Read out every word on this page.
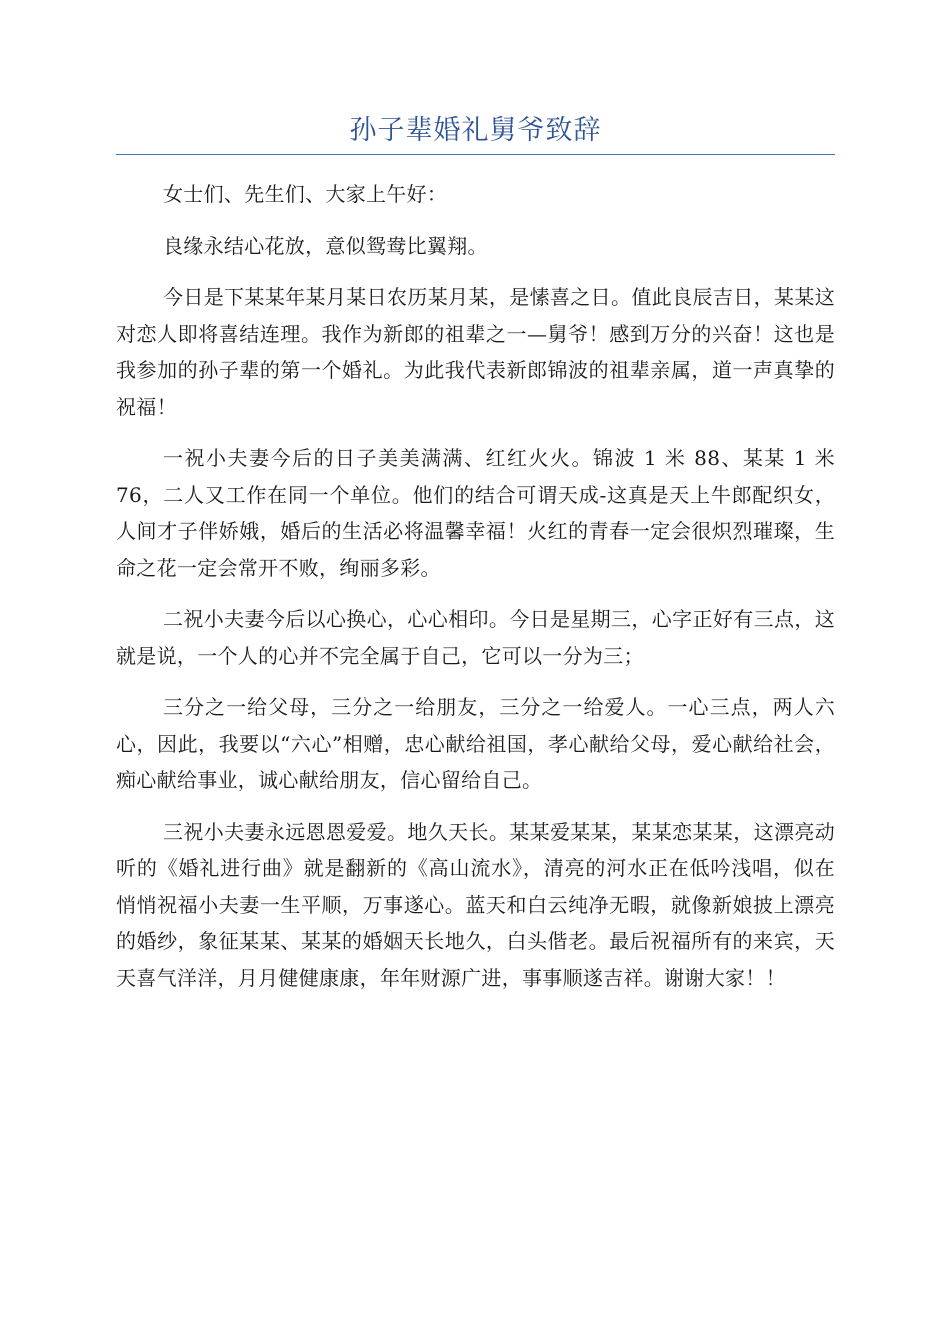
孙子辈婚礼舅爷致辞

女士们、先生们、大家上午好：

良缘永结心花放，意似鸳鸯比翼翔。

今日是下某某年某月某日农历某月某，是愫喜之日。值此良辰吉日，某某这对恋人即将喜结连理。我作为新郎的祖辈之一—舅爷！感到万分的兴奋！这也是我参加的孙子辈的第一个婚礼。为此我代表新郎锦波的祖辈亲属，道一声真挚的祝福！

一祝小夫妻今后的日子美美满满、红红火火。锦波 1 米 88、某某 1 米 76，二人又工作在同一个单位。他们的结合可谓天成-这真是天上牛郎配织女，人间才子伴娇娥，婚后的生活必将温馨幸福！火红的青春一定会很炽烈璀璨，生命之花一定会常开不败，绚丽多彩。

二祝小夫妻今后以心换心，心心相印。今日是星期三，心字正好有三点，这就是说，一个人的心并不完全属于自己，它可以一分为三；

三分之一给父母，三分之一给朋友，三分之一给爱人。一心三点，两人六心，因此，我要以“六心”相赠，忠心献给祖国，孝心献给父母，爱心献给社会，痴心献给事业，诚心献给朋友，信心留给自己。

三祝小夫妻永远恩恩爱爱。地久天长。某某爱某某，某某恋某某，这漂亮动听的《婚礼进行曲》就是翻新的《高山流水》，清亮的河水正在低吟浅唱，似在悄悄祝福小夫妻一生平顺，万事遂心。蓝天和白云纯净无暇，就像新娘披上漂亮的婚纱，象征某某、某某的婚姻天长地久，白头偕老。最后祝福所有的来宾，天天喜气洋洋，月月健健康康，年年财源广进，事事顺遂吉祥。谢谢大家！！
